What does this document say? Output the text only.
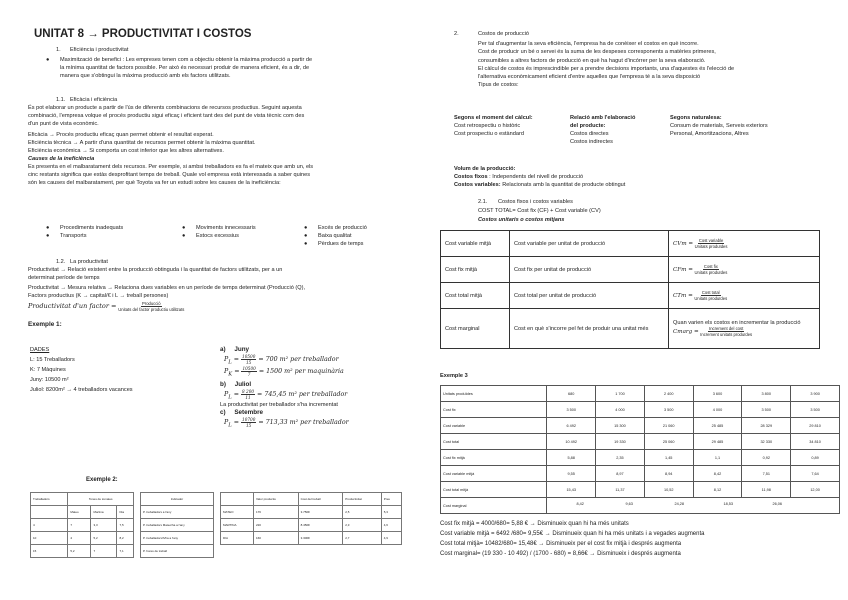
UNITAT 8 → PRODUCTIVITAT I COSTOS
1. Eficiència i productivitat
● Maximització de benefici : Les empreses tenen com a objectiu obtenir la màxima producció a partir de
la mínima quantitat de factors possible. Per això és necessari produir de manera eficient, és a dir, de
manera que s'obtingui la màxima producció amb els factors utilitzats.
1.1. Eficàcia i eficiència
És pot elaborar un producte a partir de l'ús de diferents combinacions de recursos productius. Seguint aquesta
combinació, l'empresa volque el procés productiu sigui eficaç i eficient tant des del punt de vista tècnic com des
d'un punt de vista econòmic.
Eficàcia → Procés productiu eficaç quan permet obtenir el resultat esperat.
Eficiència tècnica → A partir d'una quantitat de recursos permet obtenir la màxima quantitat.
Eficiència econòmica → Si comporta un cost inferior que les altres alternatives.
Causes de la ineficiència
Es presenta en el malbaratament dels recursos. Per exemple, si ambsi treballadors es fa el mateix que amb un, els
cinc restants significa que estàs desprofitant temps de treball. Quale vol empresa està interessada a saber quines
són les causes del malbaratament, per què Toyota va fer un estudi sobre les causes de la ineficiència:
● Procediments inadequats
● Transports
● Moviments innecessaris
● Estocs excessius
● Excés de producció
● Baixa qualitat
● Pèrdues de temps
1.2. La productivitat
Productivitat → Relació existent entre la producció obtinguda i la quantitat de factors utilitzats, per a un
determinat període de temps
Productivitat → Mesura relativa → Relaciona dues variables en un període de temps determinat (Producció (Q),
Factors productius (K → capital/€ i L → treball persones)
Productivitat d'un factor = $\frac{\text{Producció}}{\text{Unitats del factor productiu utilitzats}}$
Exemple 1:
DADES
L: 15 Treballadors
K: 7 Màquines
Juny: 10500 m²
Juliol: 8200m² → 4 treballadors vacances
a) Juny
$P_L = \frac{10500}{15} = 700$ m² per treballador
$P_K = \frac{10500}{7} = 1500$ m² per maquinària
b) Juliol
$P_L = \frac{8 200}{11} = 745,45$ m² per treballador
La productivitat per treballador s'ha incrementat
c) Setembre
$P_L = \frac{10700}{15} = 713,33$ m² per treballador
Exemple 2:
Treballadors	Tones de tomates		
	Mateo	Martina	Dia
4	7	3,3	7,5
10	4	5,2	8,2
15	5,2	7	7,1
Indicador
P. treballadors a l'any
P. treballadors Mateo/ha a l'any
P. treballadors/h/ha a l'any
P. hores de treball
	Valor productiu	Cost del treball	Productivitat	Preu
MATEO	176	3.750€	2,5	5,3
MARTINA	220	8.450€	2,3	4,6
DIA	160	3.300€	2,7	4,9
2.	Costos de producció
Per tal d'augmentar la seva eficiència, l'empresa ha de conèixer el costos en què incorre.
Cost de producir un bé o servei és la suma de les despeses corresponents a matèries primeres,
consumibles a altres factors de producció en què ha hagut d'incórrer per la seva elaboració.
El càlcul de costos és imprescindible per a prendre decisions importants, una d'aquestes és l'elecció de
l'alternativa econòmicament eficient d'entre aquelles que l'empresa té a la seva disposició
Tipus de costos:
Segons el moment del càlcul:
Cost retrospectiu o històric
Cost prospectiu o estàndard
Relació amb l'elaboració
del producte:
Costos directes
Costos indirectes
Segons naturalesa:
Consum de materials, Serveis exteriors
Personal, Amortitzacions, Altres
Volum de la producció:
Costos fixos : Independents del nivell de producció
Costos variables: Relacionats amb la quantitat de producte obtingut
2.1. Costos fixos i costos variables
COST TOTAL= Cost fix (CF) + Cost variable (CV)
Costos unitaris o costos mitjans
Cost variable mitjà	Cost variable per unitat de producció	CVm = $\frac{\text{Cost variable}}{\text{Unitats produïdes}}$

Cost fix mitjà	Cost fix per unitat de producció	CFm = $\frac{\text{Cost fix}}{\text{Unitats produïdes}}$

Cost total mitjà	Cost total per unitat de producció	CTm = $\frac{\text{Cost total}}{\text{Unitats produïdes}}$

Cost marginal	Cost en què s'incorre pel fet de produir una unitat més	Quan varien els costos en incrementar la producció
Cmarg = $\frac{\text{Increment del cost}}{\text{Increment unitats produïdes}}$
Exemple 3
Unitats produïdes	680	1 700	2 400	3 600	3 800	3 900
Cost fix	3 500	4 000	3 500	4 000	3 500	3 500
Cost variable	6 492	15 300	21 060	25 485	28 329	29 810
Cost total	10 492	19 330	25 060	29 485	32 330	34 810
Cost fix mitjà	5,88	2,35	1,45	1,1	0,92	0,89
Cost variable mitjà	9,55	8,97	8,94	8,42	7,51	7,64
Cost total mitjà	15,43	11,37	10,52	8,12	11,98	12,00
Cost marginal	8,42 9,63 24,28 18,53 26,06					
Cost fix mitjà = 4000/680= 5,88 € → Disminueix quan hi ha més unitats
Cost variable mitjà = 6492 /680= 9,55€ → Disminueix quan hi ha més unitats i a vegades augmenta
Cost total mitjà= 10482/680= 15,48€ → Disminueix per el cost fix mitjà i després augmenta
Cost marginal= (19 330 - 10 492) / (1700 - 680) = 8,66€ → Disminueix i després augmenta
